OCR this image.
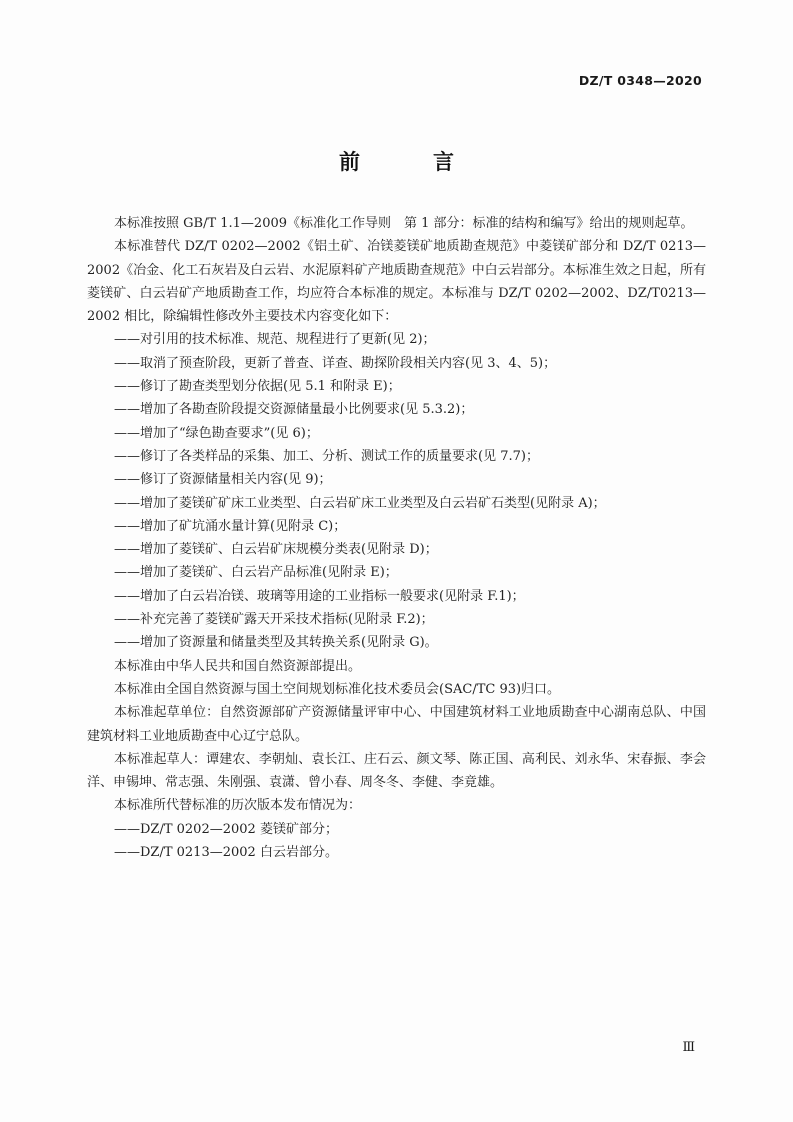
DZ/T 0348—2020
前　言

本标准按照 GB/T 1.1—2009《标准化工作导则　第 1 部分：标准的结构和编写》给出的规则起草。

本标准替代 DZ/T 0202—2002《铝土矿、冶镁菱镁矿地质勘查规范》中菱镁矿部分和 DZ/T 0213—2002《冶金、化工石灰岩及白云岩、水泥原料矿产地质勘查规范》中白云岩部分。本标准生效之日起，所有菱镁矿、白云岩矿产地质勘查工作，均应符合本标准的规定。本标准与 DZ/T 0202—2002、DZ/T0213—2002 相比，除编辑性修改外主要技术内容变化如下：

——对引用的技术标准、规范、规程进行了更新(见 2)；

——取消了预查阶段，更新了普查、详查、勘探阶段相关内容(见 3、4、5)；

——修订了勘查类型划分依据(见 5.1 和附录 E)；

——增加了各勘查阶段提交资源储量最小比例要求(见 5.3.2)；

——增加了“绿色勘查要求”(见 6)；

——修订了各类样品的采集、加工、分析、测试工作的质量要求(见 7.7)；

——修订了资源储量相关内容(见 9)；

——增加了菱镁矿矿床工业类型、白云岩矿床工业类型及白云岩矿石类型(见附录 A)；

——增加了矿坑涌水量计算(见附录 C)；

——增加了菱镁矿、白云岩矿床规模分类表(见附录 D)；

——增加了菱镁矿、白云岩产品标准(见附录 E)；

——增加了白云岩冶镁、玻璃等用途的工业指标一般要求(见附录 F.1)；

——补充完善了菱镁矿露天开采技术指标(见附录 F.2)；

——增加了资源量和储量类型及其转换关系(见附录 G)。

本标准由中华人民共和国自然资源部提出。

本标准由全国自然资源与国土空间规划标准化技术委员会(SAC/TC 93)归口。

本标准起草单位：自然资源部矿产资源储量评审中心、中国建筑材料工业地质勘查中心湖南总队、中国建筑材料工业地质勘查中心辽宁总队。

本标准起草人：谭建农、李朝灿、袁长江、庄石云、颜文琴、陈正国、高利民、刘永华、宋春振、李会洋、申锡坤、常志强、朱刚强、袁潇、曾小春、周冬冬、李健、李竟雄。

本标准所代替标准的历次版本发布情况为：

——DZ/T 0202—2002 菱镁矿部分；

——DZ/T 0213—2002 白云岩部分。

Ⅲ
